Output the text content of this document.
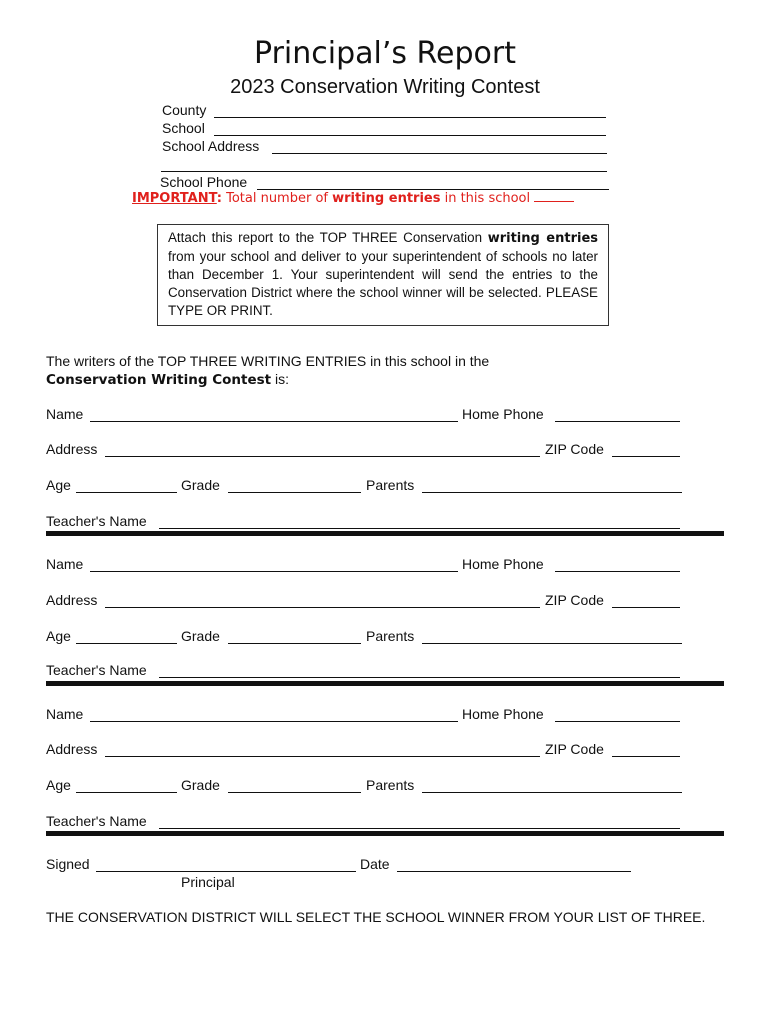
Principal’s Report
2023 Conservation Writing Contest
County
School
School Address
School Phone
IMPORTANT: Total number of writing entries in this school
Attach this report to the TOP THREE Conservation writing entries from your school and deliver to your superintendent of schools no later than December 1. Your superintendent will send the entries to the Conservation District where the school winner will be selected. PLEASE TYPE OR PRINT.
The writers of the TOP THREE WRITING ENTRIES in this school in the
Conservation Writing Contest is:
Name	Home Phone
Address	ZIP Code
Age	Grade	Parents
Teacher's Name
Name	Home Phone
Address	ZIP Code
Age	Grade	Parents
Teacher's Name
Name	Home Phone
Address	ZIP Code
Age	Grade	Parents
Teacher's Name
Signed	Date
Principal
THE CONSERVATION DISTRICT WILL SELECT THE SCHOOL WINNER FROM YOUR LIST OF THREE.
